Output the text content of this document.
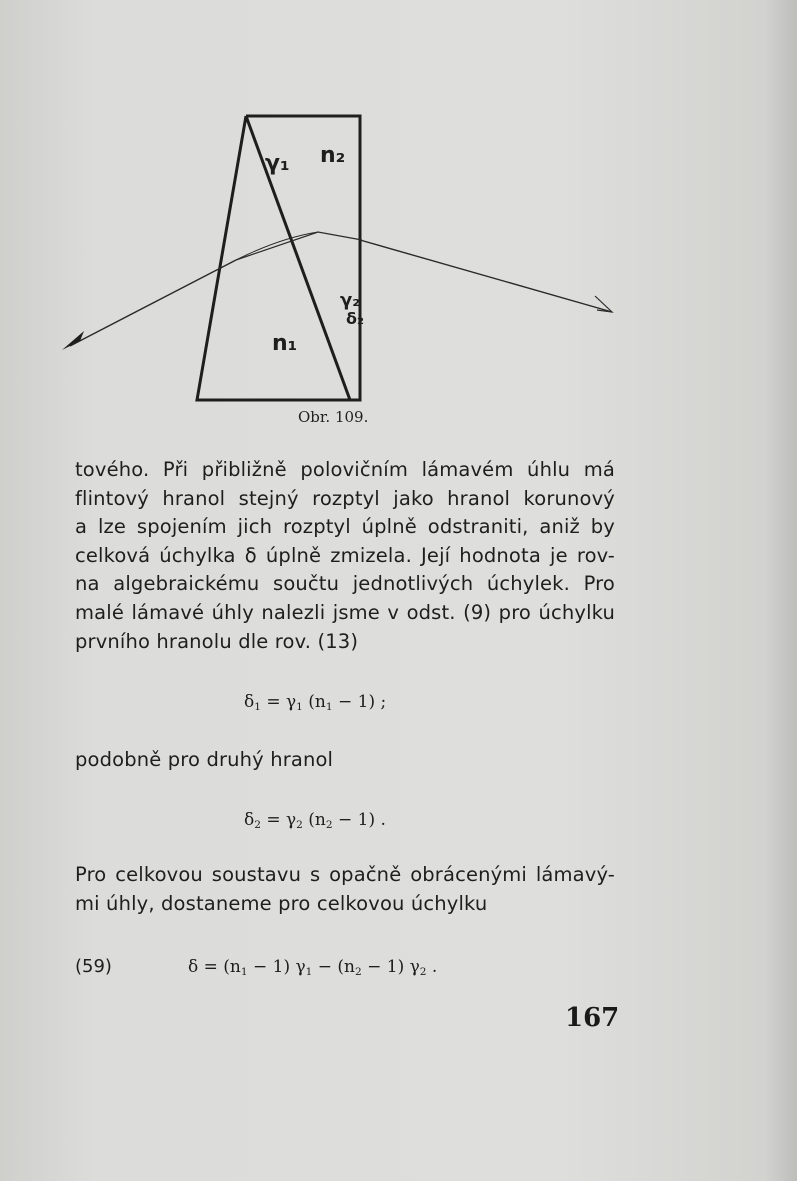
γ₁ n₂
γ₂
δ₂
n₁
Obr. 109.
tového. Při přibližně polovičním lámavém úhlu má
flintový hranol stejný rozptyl jako hranol korunový
a lze spojením jich rozptyl úplně odstraniti, aniž by
celková úchylka δ úplně zmizela. Její hodnota je rov-
na algebraickému součtu jednotlivých úchylek. Pro
malé lámavé úhly nalezli jsme v odst. (9) pro úchylku
prvního hranolu dle rov. (13)
$\delta_1 = \gamma_1$ $(n_1 - 1)$ ;
podobně pro druhý hranol
$\delta_2 = \gamma_2$ $(n_2 - 1)$ .
Pro celkovou soustavu s opačně obrácenými lámavý-
mi úhly, dostaneme pro celkovou úchylku
(59)	$\delta = (n_1 - 1) \gamma_1 - (n_2 - 1)$ $\gamma_2$ .
167
